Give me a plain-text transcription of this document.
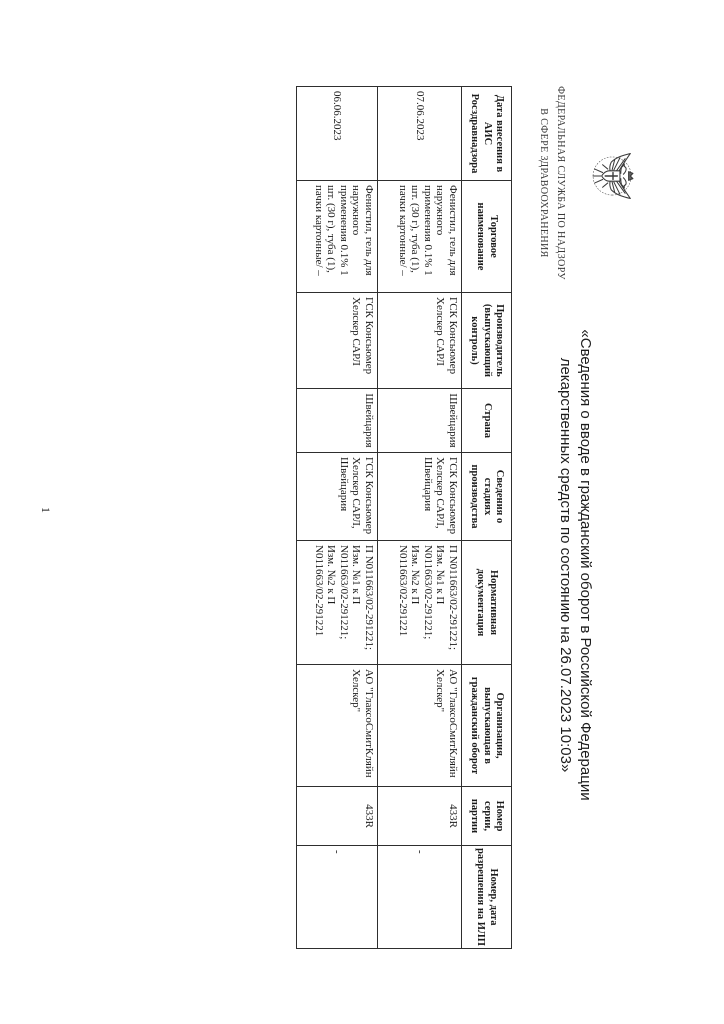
ФЕДЕРАЛЬНАЯ СЛУЖБА ПО НАДЗОРУ
В СФЕРЕ ЗДРАВООХРАНЕНИЯ
«Сведения о вводе в гражданский оборот в Российской Федерации
лекарственных средств по состоянию на 26.07.2023 10:03»
Дата внесения в АИС Росздравнадзора	Торговое наименование	Производитель (выпускающий контроль)	Страна	Сведения о стадиях производства	Нормативная документация	Организация, выпускающая в гражданский оборот	Номер серии, партии	Номер, дата разрешения на ИЛП
07.06.2023	Фенистил, гель для наружного применения 0.1% 1 шт. (30 г), туба (1), пачки картонные/ –	ГСК Консьюмер Хелскер САРЛ	Швейцария	ГСК Консьюмер Хелскер САРЛ, Швейцария	П N011663/02-291221; Изм. №1 к П N011663/02-291221; Изм. №2 к П N011663/02-291221	АО "ГлаксоСмитКляйн Хелскер"	433R	-
06.06.2023	Фенистил, гель для наружного применения 0.1% 1 шт. (30 г), туба (1), пачки картонные/ –	ГСК Консьюмер Хелскер САРЛ	Швейцария	ГСК Консьюмер Хелскер САРЛ, Швейцария	П N011663/02-291221; Изм. №1 к П N011663/02-291221; Изм. №2 к П N011663/02-291221	АО "ГлаксоСмитКляйн Хелскер"	433R	-
1
